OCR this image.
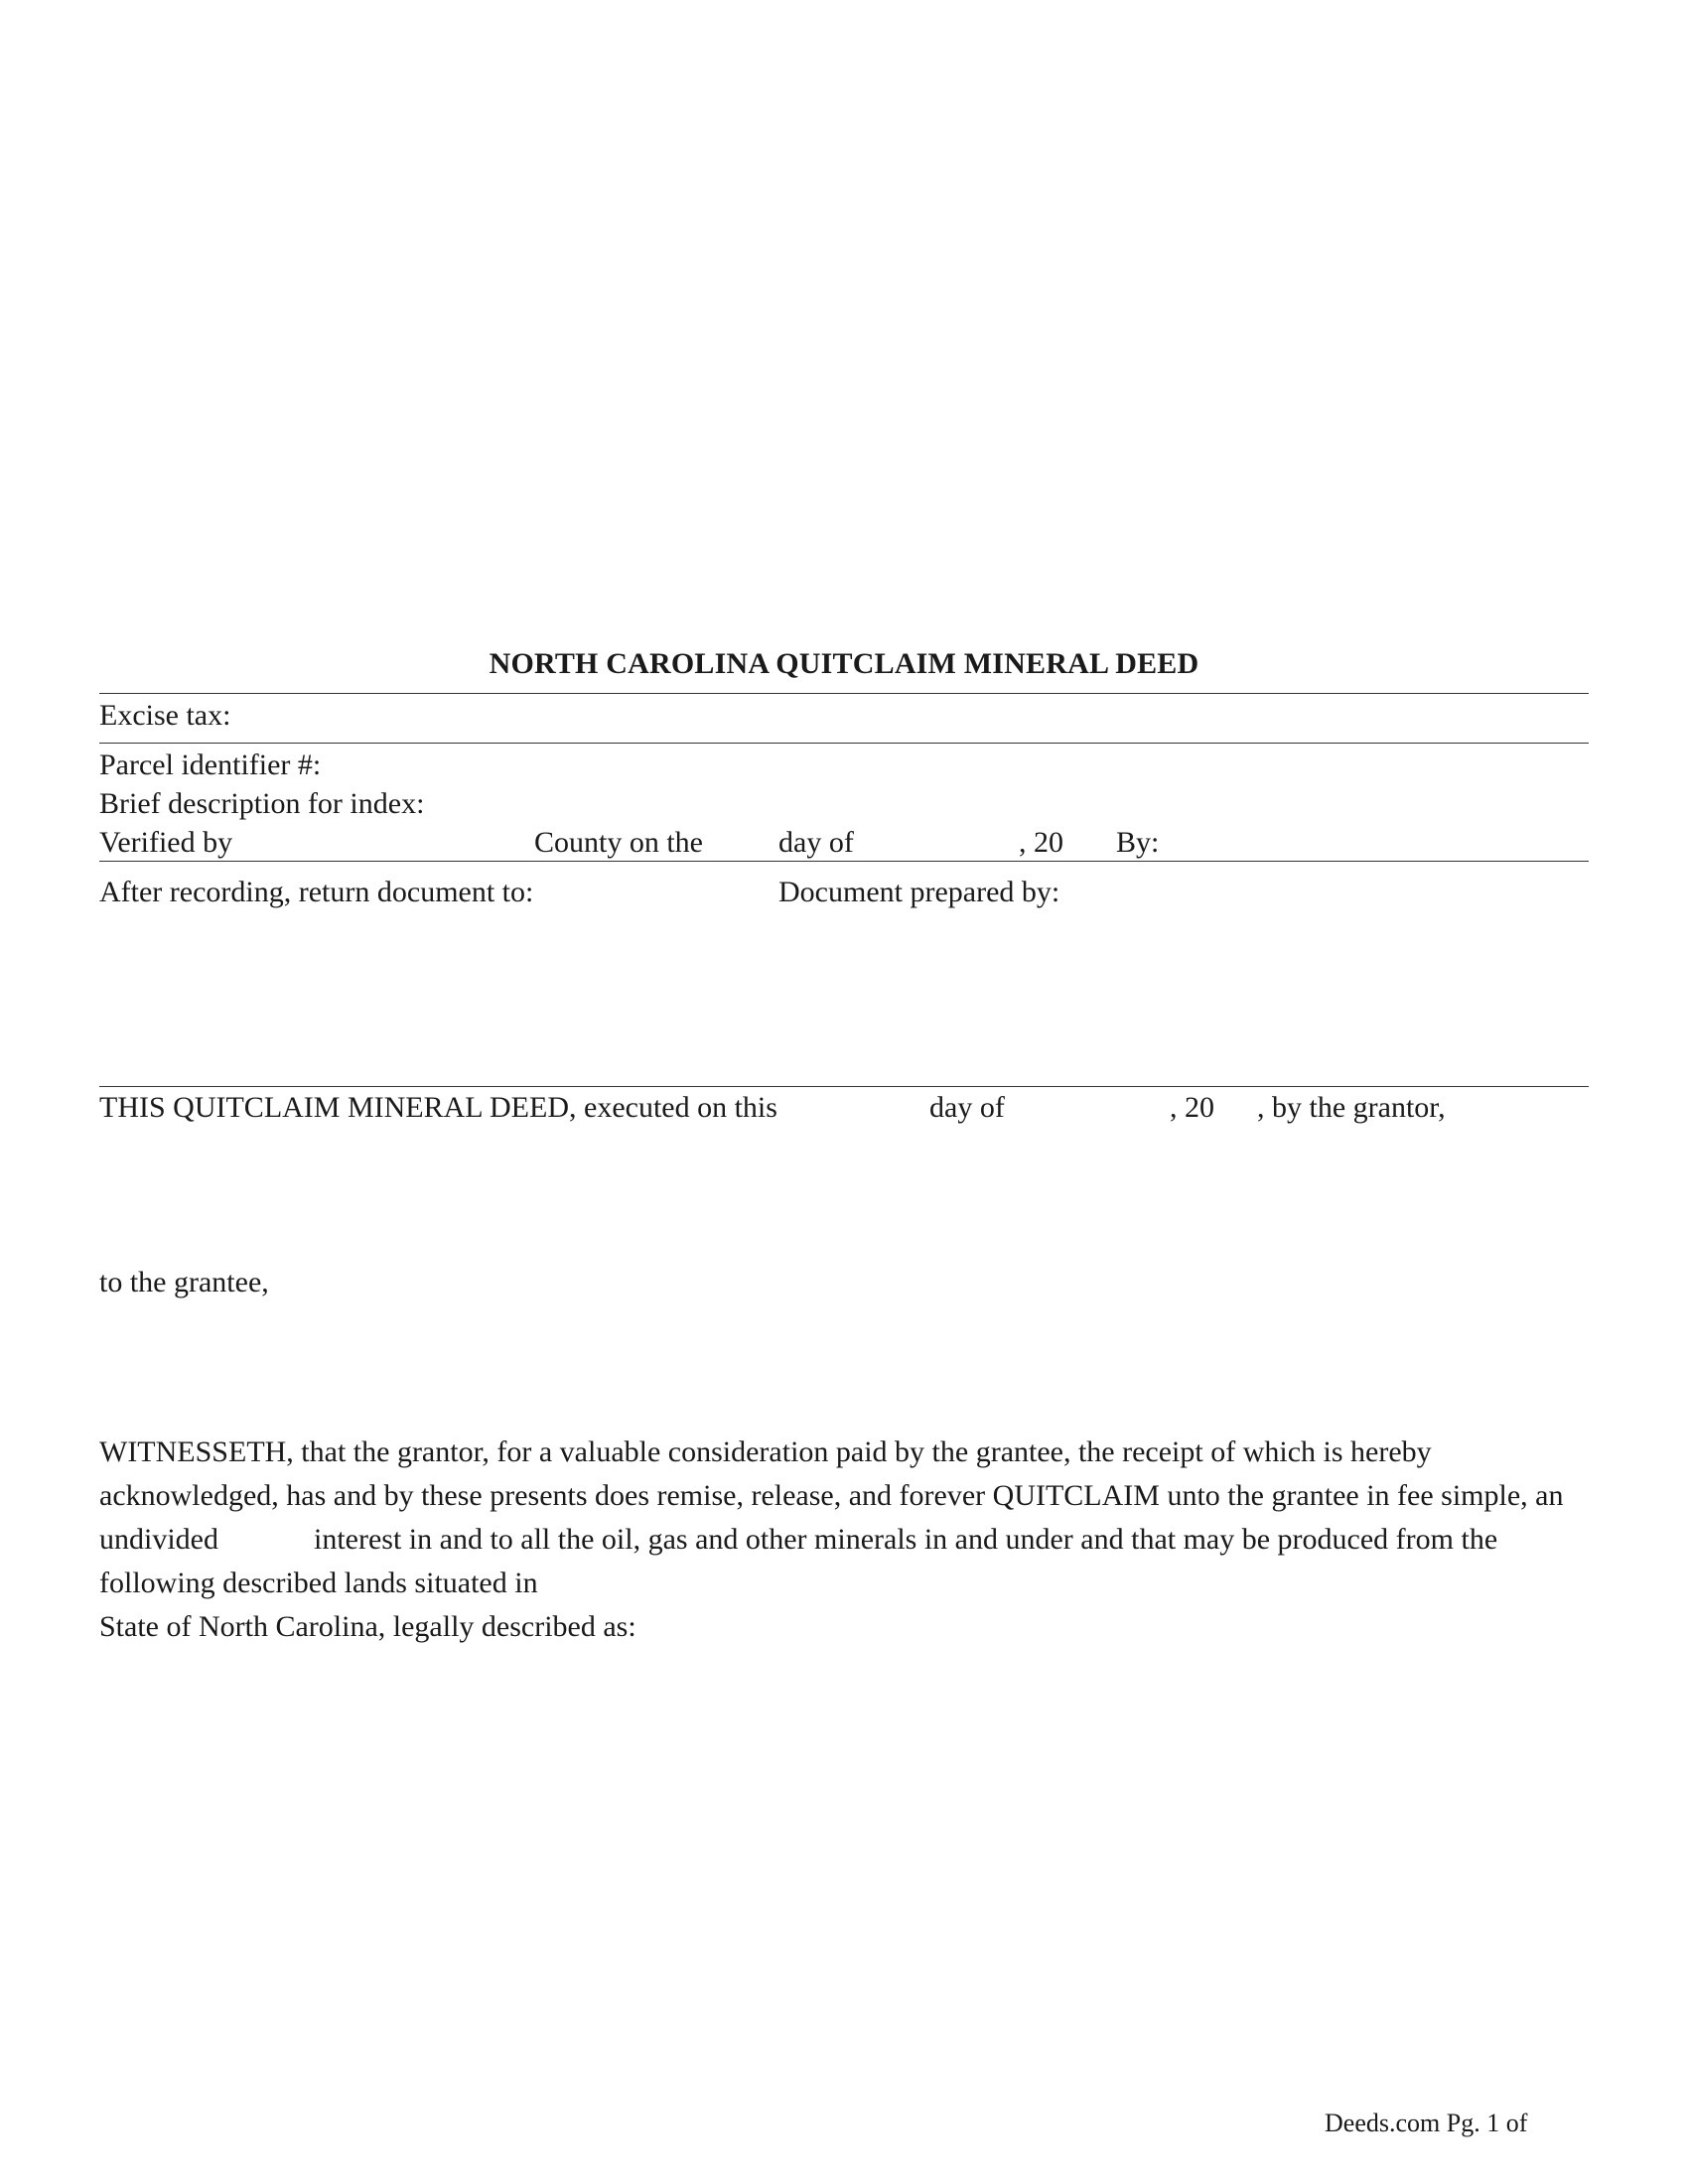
NORTH CAROLINA QUITCLAIM MINERAL DEED
Excise tax:
Parcel identifier #:
Brief description for index:
Verified by	County on the	day of	, 20 By:
After recording, return document to:	Document prepared by:
THIS QUITCLAIM MINERAL DEED, executed on this	day of	, 20 , by the grantor,
to the grantee,
WITNESSETH, that the grantor, for a valuable consideration paid by the grantee, the receipt of which is hereby acknowledged, has and by these presents does remise, release, and forever QUITCLAIM unto the grantee in fee simple, an undivided	interest in and to all the oil, gas and other minerals in and under and that may be produced from the following described lands situated in
State of North Carolina, legally described as:
Deeds.com Pg. 1 of
